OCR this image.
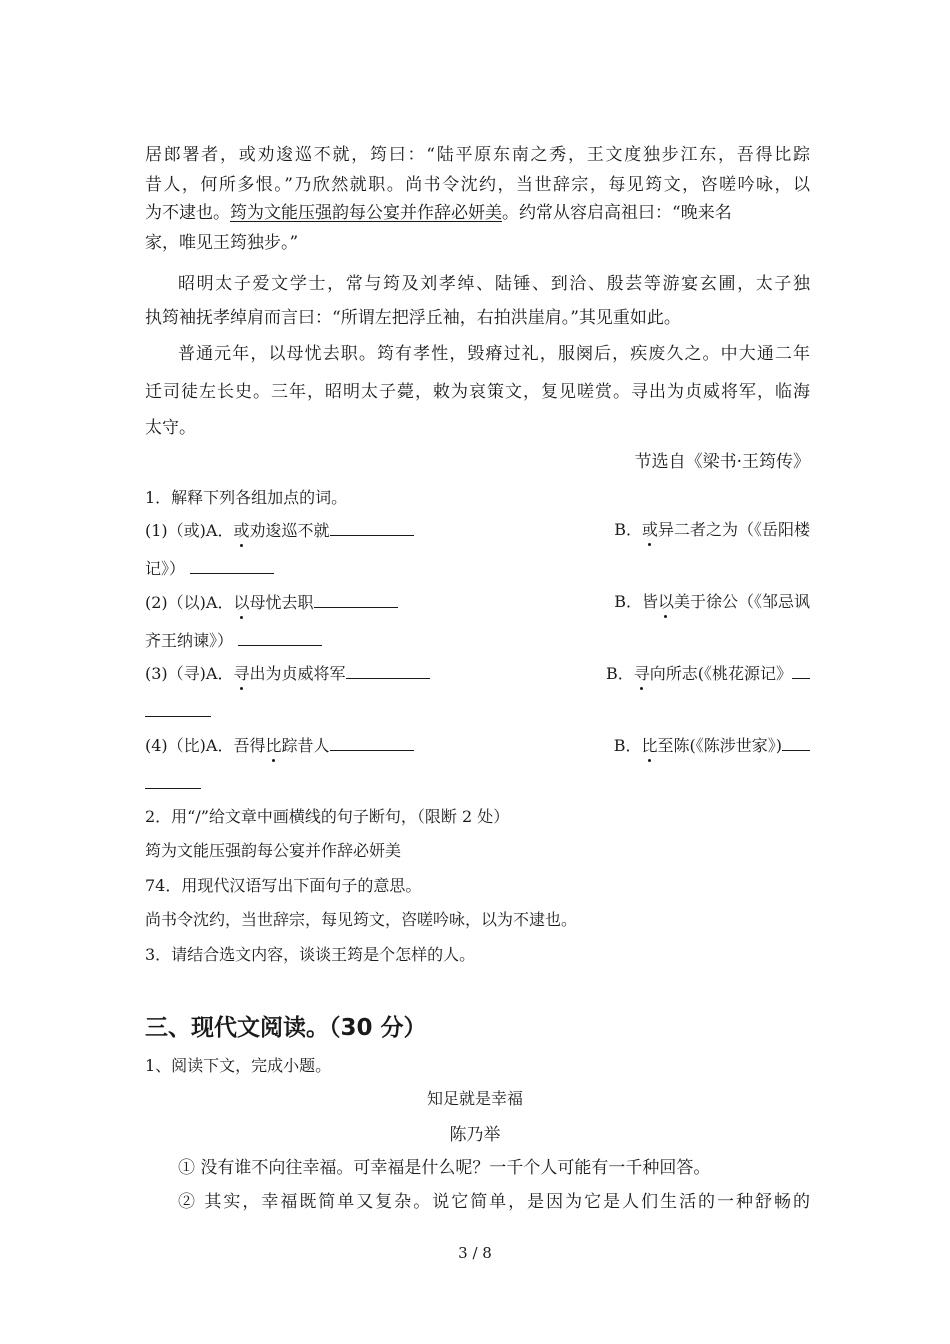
居郎署者，或劝逡巡不就，筠曰：“陆平原东南之秀，王文度独步江东，吾得比踪
昔人，何所多恨。”乃欣然就职。尚书令沈约，当世辞宗，每见筠文，咨嗟吟咏，以
为不逮也。筠为文能压强韵每公宴并作辞必妍美。约常从容启高祖曰：“晚来名
家，唯见王筠独步。”
昭明太子爱文学士，常与筠及刘孝绰、陆锤、到洽、殷芸等游宴玄圃，太子独
执筠袖抚孝绰肩而言曰：“所谓左把浮丘袖，右拍洪崖肩。”其见重如此。
普通元年，以母忧去职。筠有孝性，毁瘠过礼，服阕后，疾废久之。中大通二年
迁司徒左长史。三年，昭明太子薨，敕为哀策文，复见嗟赏。寻出为贞威将军，临海
太守。
节选自《梁书·王筠传》
1．解释下列各组加点的词。
(1)（或)A．或劝逡巡不就	B．或异二者之为（《岳阳楼
记》）
(2)（以)A．以母忧去职	B．皆以美于徐公（《邹忌讽
齐王纳谏》）
(3)（寻)A．寻出为贞威将军	B．寻向所志(《桃花源记》
(4)（比)A．吾得比踪昔人	B．比至陈(《陈涉世家》)
2．用“/”给文章中画横线的句子断句，（限断 2 处）
筠为文能压强韵每公宴并作辞必妍美
74．用现代汉语写出下面句子的意思。
尚书令沈约，当世辞宗，每见筠文，咨嗟吟咏，以为不逮也。
3．请结合选文内容，谈谈王筠是个怎样的人。
三、现代文阅读。（30 分）
1、阅读下文，完成小题。
知足就是幸福
陈乃举
① 没有谁不向往幸福。可幸福是什么呢？一千个人可能有一千种回答。
② 其实，幸福既简单又复杂。说它简单，是因为它是人们生活的一种舒畅的
3 / 8
